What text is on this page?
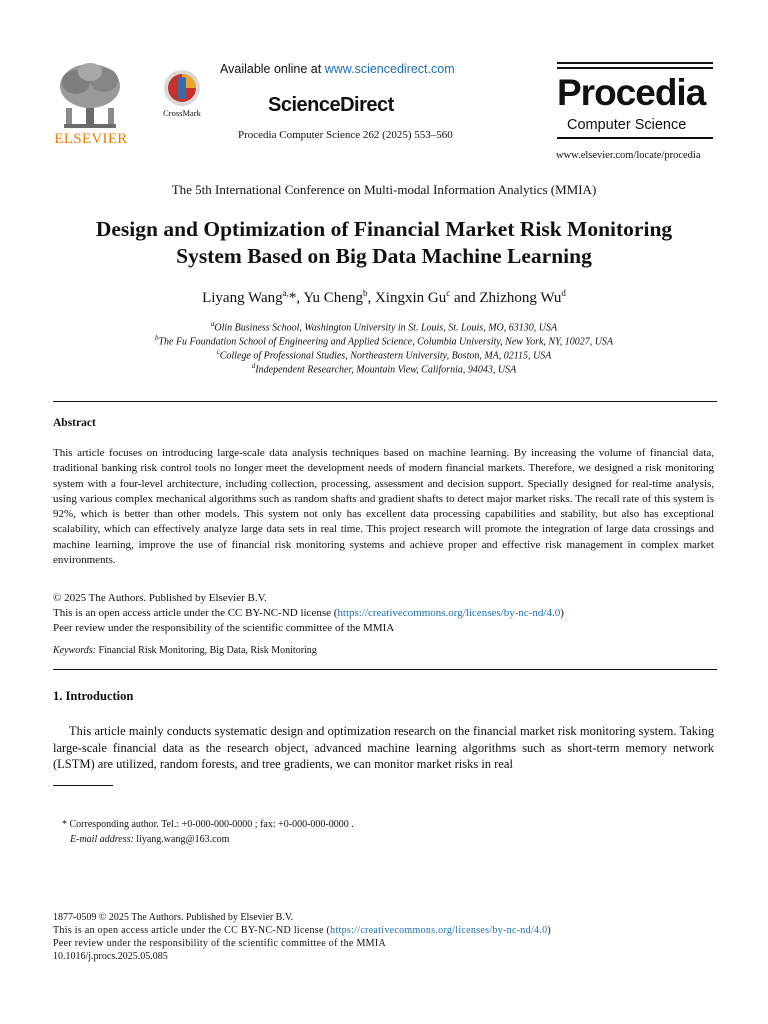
ELSEVIER
CrossMark
Available online at www.sciencedirect.com
ScienceDirect
Procedia Computer Science 262 (2025) 553–560
Procedia
Computer Science
www.elsevier.com/locate/procedia
The 5th International Conference on Multi-modal Information Analytics (MMIA)
Design and Optimization of Financial Market Risk Monitoring
System Based on Big Data Machine Learning
Liyang Wang$^{a,}$*, Yu Cheng$^b$, Xingxin Gu$^c$ and Zhizhong Wu$^d$
$^a$Olin Business School, Washington University in St. Louis, St. Louis, MO, 63130, USA
$^b$The Fu Foundation School of Engineering and Applied Science, Columbia University, New York, NY, 10027, USA
$^c$College of Professional Studies, Northeastern University, Boston, MA, 02115, USA
$^d$Independent Researcher, Mountain View, California, 94043, USA
Abstract
This article focuses on introducing large-scale data analysis techniques based on machine learning. By increasing the volume of financial data, traditional banking risk control tools no longer meet the development needs of modern financial markets. Therefore, we designed a risk monitoring system with a four-level architecture, including collection, processing, assessment and decision support. Specially designed for real-time analysis, using various complex mechanical algorithms such as random shafts and gradient shafts to detect major market risks. The recall rate of this system is 92%, which is better than other models. This system not only has excellent data processing capabilities and stability, but also has exceptional scalability, which can effectively analyze large data sets in real time. This project research will promote the integration of large data crossings and machine learning, improve the use of financial risk monitoring systems and achieve proper and effective risk management in complex market environments.
© 2025 The Authors. Published by Elsevier B.V.
This is an open access article under the CC BY-NC-ND license (https://creativecommons.org/licenses/by-nc-nd/4.0)
Peer review under the responsibility of the scientific committee of the MMIA
Keywords: Financial Risk Monitoring, Big Data, Risk Monitoring
1. Introduction
This article mainly conducts systematic design and optimization research on the financial market risk monitoring system. Taking large-scale financial data as the research object, advanced machine learning algorithms such as short-term memory network (LSTM) are utilized, random forests, and tree gradients, we can monitor market risks in real
* Corresponding author. Tel.: +0-000-000-0000 ; fax: +0-000-000-0000 .
E-mail address: liyang.wang@163.com
1877-0509 © 2025 The Authors. Published by Elsevier B.V.
This is an open access article under the CC BY-NC-ND license (https://creativecommons.org/licenses/by-nc-nd/4.0)
Peer review under the responsibility of the scientific committee of the MMIA
10.1016/j.procs.2025.05.085
